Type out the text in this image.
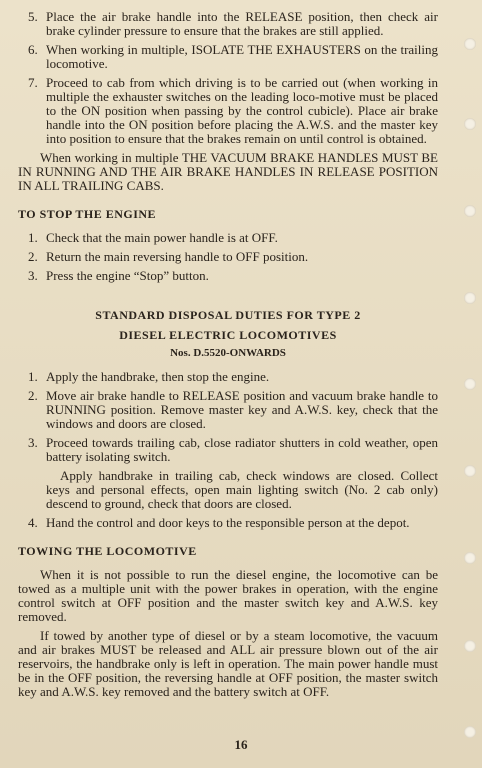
5. Place the air brake handle into the RELEASE position, then check air brake cylinder pressure to ensure that the brakes are still applied.
6. When working in multiple, ISOLATE THE EXHAUSTERS on the trailing locomotive.
7. Proceed to cab from which driving is to be carried out (when working in multiple the exhauster switches on the leading loco-motive must be placed to the ON position when passing by the control cubicle). Place air brake handle into the ON position before placing the A.W.S. and the master key into position to ensure that the brakes remain on until control is obtained.
When working in multiple THE VACUUM BRAKE HANDLES MUST BE IN RUNNING AND THE AIR BRAKE HANDLES IN RELEASE POSITION IN ALL TRAILING CABS.
TO STOP THE ENGINE
1. Check that the main power handle is at OFF.
2. Return the main reversing handle to OFF position.
3. Press the engine “Stop” button.
STANDARD DISPOSAL DUTIES FOR TYPE 2
DIESEL ELECTRIC LOCOMOTIVES
Nos. D.5520-ONWARDS
1. Apply the handbrake, then stop the engine.
2. Move air brake handle to RELEASE position and vacuum brake handle to RUNNING position. Remove master key and A.W.S. key, check that the windows and doors are closed.
3. Proceed towards trailing cab, close radiator shutters in cold weather, open battery isolating switch.
Apply handbrake in trailing cab, check windows are closed. Collect keys and personal effects, open main lighting switch (No. 2 cab only) descend to ground, check that doors are closed.
4. Hand the control and door keys to the responsible person at the depot.
TOWING THE LOCOMOTIVE
When it is not possible to run the diesel engine, the locomotive can be towed as a multiple unit with the power brakes in operation, with the engine control switch at OFF position and the master switch key and A.W.S. key removed.
If towed by another type of diesel or by a steam locomotive, the vacuum and air brakes MUST be released and ALL air pressure blown out of the air reservoirs, the handbrake only is left in operation. The main power handle must be in the OFF position, the reversing handle at OFF position, the master switch key and A.W.S. key removed and the battery switch at OFF.
16
